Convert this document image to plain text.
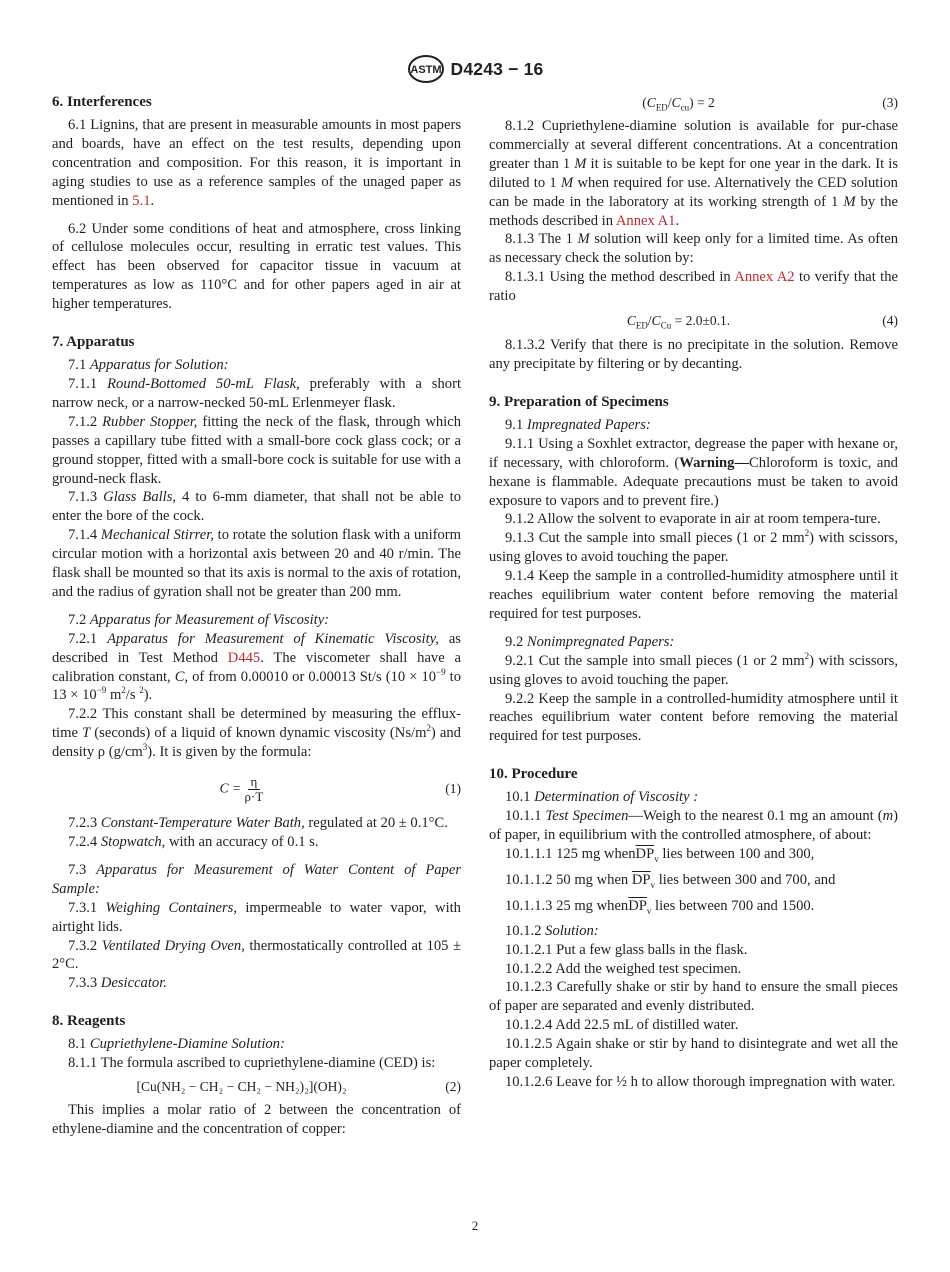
ASTM D4243 − 16
6. Interferences

6.1 Lignins, that are present in measurable amounts in most papers and boards, have an effect on the test results, depending upon concentration and composition. For this reason, it is important in aging studies to use as a reference samples of the unaged paper as mentioned in 5.1.

6.2 Under some conditions of heat and atmosphere, cross linking of cellulose molecules occur, resulting in erratic test values. This effect has been observed for capacitor tissue in vacuum at temperatures as low as 110°C and for other papers aged in air at higher temperatures.

7. Apparatus

7.1 Apparatus for Solution:

7.1.1 Round-Bottomed 50-mL Flask, preferably with a short narrow neck, or a narrow-necked 50-mL Erlenmeyer flask.

7.1.2 Rubber Stopper, fitting the neck of the flask, through which passes a capillary tube fitted with a small-bore cock glass cock; or a ground stopper, fitted with a small-bore cock is suitable for use with a ground-neck flask.

7.1.3 Glass Balls, 4 to 6-mm diameter, that shall not be able to enter the bore of the cock.

7.1.4 Mechanical Stirrer, to rotate the solution flask with a uniform circular motion with a horizontal axis between 20 and 40 r/min. The flask shall be mounted so that its axis is normal to the axis of rotation, and the radius of gyration shall not be greater than 200 mm.

7.2 Apparatus for Measurement of Viscosity:

7.2.1 Apparatus for Measurement of Kinematic Viscosity, as described in Test Method D445. The viscometer shall have a calibration constant, C, of from 0.00010 or 0.00013 St/s ($10 \times 10^{-9}$ to $13 \times 10^{-9}$ $m^2/s$ $^2$).

7.2.2 This constant shall be determined by measuring the efflux-time T (seconds) of a liquid of known dynamic viscosity $(Ns/m^2)$ and density ρ $(g/cm^3)$. It is given by the formula:

$C = \frac{\eta}{\rho\cdot T}$	(1)

7.2.3 Constant-Temperature Water Bath, regulated at 20 ± 0.1°C.

7.2.4 Stopwatch, with an accuracy of 0.1 s.

7.3 Apparatus for Measurement of Water Content of Paper Sample:

7.3.1 Weighing Containers, impermeable to water vapor, with airtight lids.

7.3.2 Ventilated Drying Oven, thermostatically controlled at 105 ± 2°C.

7.3.3 Desiccator.

8. Reagents

8.1 Cupriethylene-Diamine Solution:

8.1.1 The formula ascribed to cupriethylene-diamine (CED) is:

[Cu(NH₂ − CH₂ − CH₂ − NH₂)₂](OH)₂	(2)

This implies a molar ratio of 2 between the concentration of ethylene-diamine and the concentration of copper:

$(C_{ED}/C_{cu}) = 2$	(3)

8.1.2 Cupriethylene-diamine solution is available for pur-chase commercially at several different concentrations. At a concentration greater than 1 M it is suitable to be kept for one year in the dark. It is diluted to 1 M when required for use. Alternatively the CED solution can be made in the laboratory at its working strength of 1 M by the methods described in Annex A1.

8.1.3 The 1 M solution will keep only for a limited time. As often as necessary check the solution by:

8.1.3.1 Using the method described in Annex A2 to verify that the ratio

$C_{ED}/C_{Cu} = 2.0\pm 0.1$.	(4)

8.1.3.2 Verify that there is no precipitate in the solution. Remove any precipitate by filtering or by decanting.

9. Preparation of Specimens

9.1 Impregnated Papers:

9.1.1 Using a Soxhlet extractor, degrease the paper with hexane or, if necessary, with chloroform. (Warning—Chloroform is toxic, and hexane is flammable. Adequate precautions must be taken to avoid exposure to vapors and to prevent fire.)

9.1.2 Allow the solvent to evaporate in air at room tempera-ture.

9.1.3 Cut the sample into small pieces (1 or 2 $mm^2$) with scissors, using gloves to avoid touching the paper.

9.1.4 Keep the sample in a controlled-humidity atmosphere until it reaches equilibrium water content before removing the material required for test purposes.

9.2 Nonimpregnated Papers:

9.2.1 Cut the sample into small pieces (1 or 2 $mm^2$) with scissors, using gloves to avoid touching the paper.

9.2.2 Keep the sample in a controlled-humidity atmosphere until it reaches equilibrium water content before removing the material required for test purposes.

10. Procedure

10.1 Determination of Viscosity :

10.1.1 Test Specimen—Weigh to the nearest 0.1 mg an amount (m) of paper, in equilibrium with the controlled atmosphere, of about:

10.1.1.1 125 mg $when\overline{DP}_v$ lies between 100 and 300,

10.1.1.2 50 mg when $\overline{DP}_v$ lies between 300 and 700, and

10.1.1.3 25 mg $when\overline{DP}_v$ lies between 700 and 1500.

10.1.2 Solution:

10.1.2.1 Put a few glass balls in the flask.

10.1.2.2 Add the weighed test specimen.

10.1.2.3 Carefully shake or stir by hand to ensure the small pieces of paper are separated and evenly distributed.

10.1.2.4 Add 22.5 mL of distilled water.

10.1.2.5 Again shake or stir by hand to disintegrate and wet all the paper completely.

10.1.2.6 Leave for ½ h to allow thorough impregnation with water.

2
